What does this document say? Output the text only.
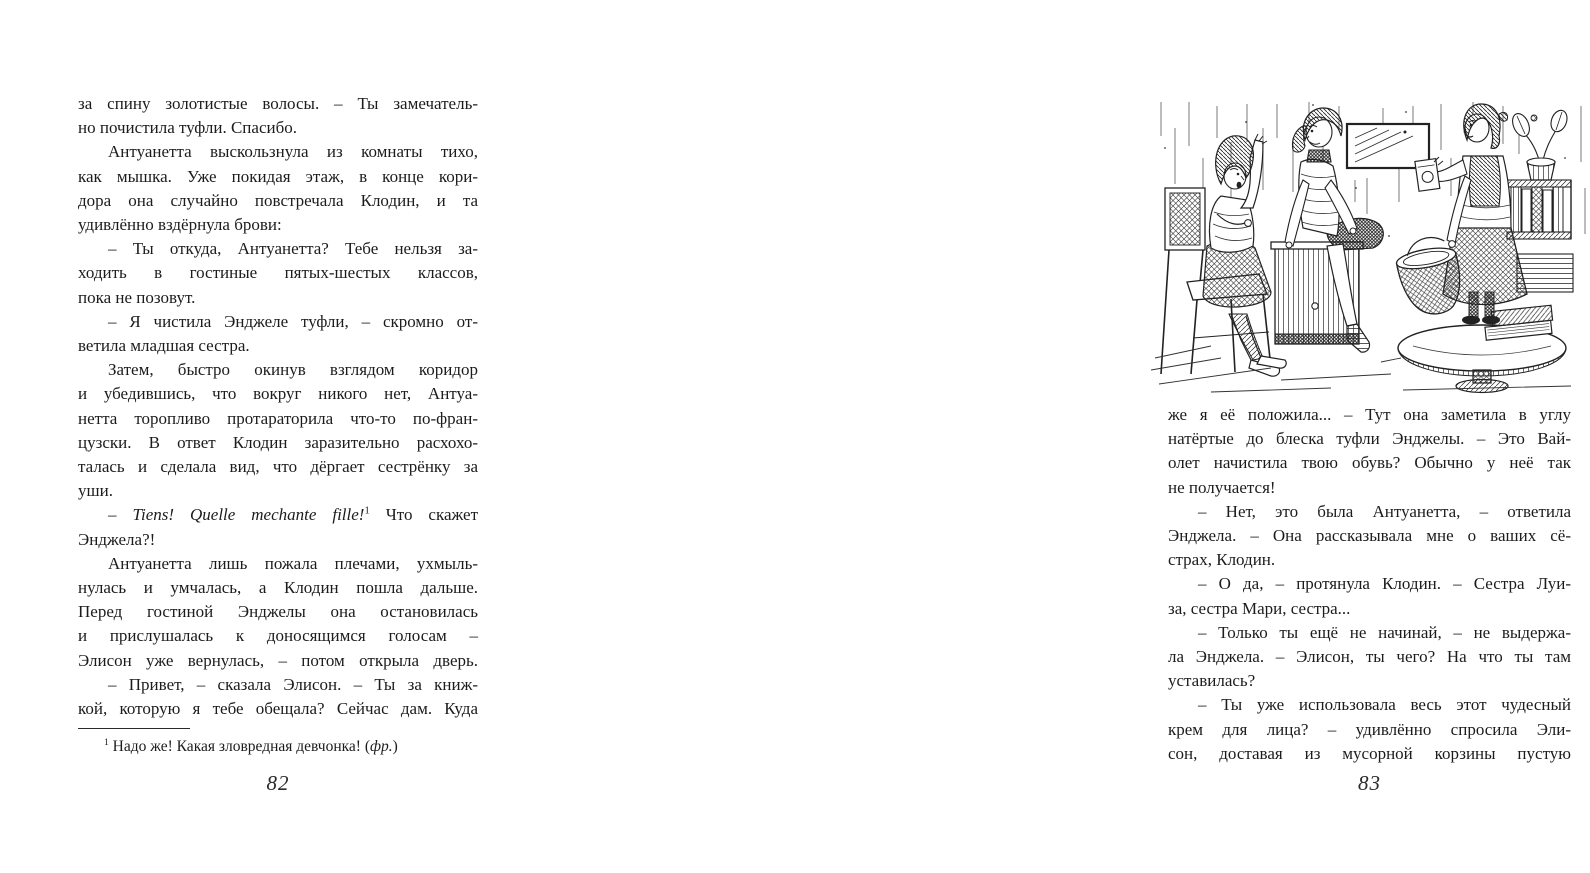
за спину золотистые волосы. – Ты замечатель-
но почистила туфли. Спасибо.
Антуанетта выскользнула из комнаты тихо,
как мышка. Уже покидая этаж, в конце кори-
дора она случайно повстречала Клодин, и та
удивлённо вздёрнула брови:
– Ты откуда, Антуанетта? Тебе нельзя за-
ходить в гостиные пятых-шестых классов,
пока не позовут.
– Я чистила Энджеле туфли, – скромно от-
ветила младшая сестра.
Затем, быстро окинув взглядом коридор
и убедившись, что вокруг никого нет, Антуа-
нетта торопливо протараторила что-то по-фран-
цузски. В ответ Клодин заразительно расхохо-
талась и сделала вид, что дёргает сестрёнку за
уши.
– Tiens! Quelle mechante fille!$^1$ Что скажет
Энджела?!
Антуанетта лишь пожала плечами, ухмыль-
нулась и умчалась, а Клодин пошла дальше.
Перед гостиной Энджелы она остановилась
и прислушалась к доносящимся голосам –
Элисон уже вернулась, – потом открыла дверь.
– Привет, – сказала Элисон. – Ты за книж-
кой, которую я тебе обещала? Сейчас дам. Куда
$^1$ Надо же! Какая зловредная девчонка! (фр.)
82
же я её положила... – Тут она заметила в углу
натёртые до блеска туфли Энджелы. – Это Вай-
олет начистила твою обувь? Обычно у неё так
не получается!
– Нет, это была Антуанетта, – ответила
Энджела. – Она рассказывала мне о ваших сё-
страх, Клодин.
– О да, – протянула Клодин. – Сестра Луи-
за, сестра Мари, сестра...
– Только ты ещё не начинай, – не выдержа-
ла Энджела. – Элисон, ты чего? На что ты там
уставилась?
– Ты уже использовала весь этот чудесный
крем для лица? – удивлённо спросила Эли-
сон, доставая из мусорной корзины пустую
83
